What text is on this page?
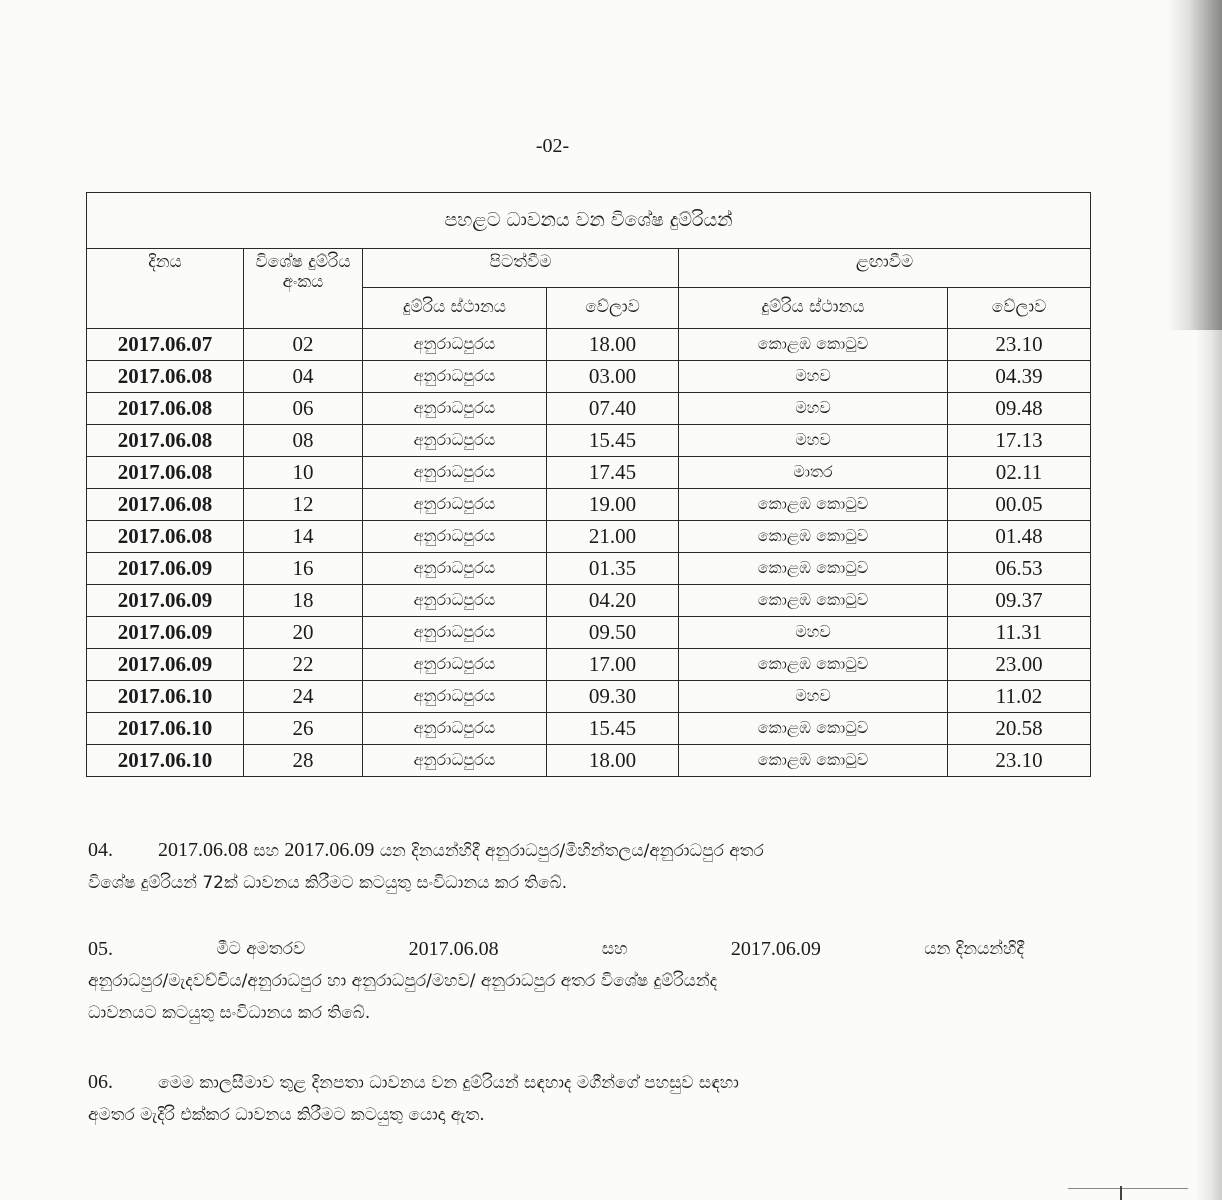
-02-
පහළට ධාවනය වන විශේෂ දුම්රියන්					
දිනය	විශේෂ දුම්රිය අංකය	පිටත්වීම		ළඟාවීම	
		දුම්රිය ස්ථානය	වේලාව	දුම්රිය ස්ථානය	වේලාව
2017.06.07	02	අනුරාධපුරය	18.00	කොළඹ කොටුව	23.10
2017.06.08	04	අනුරාධපුරය	03.00	මහව	04.39
2017.06.08	06	අනුරාධපුරය	07.40	මහව	09.48
2017.06.08	08	අනුරාධපුරය	15.45	මහව	17.13
2017.06.08	10	අනුරාධපුරය	17.45	මාතර	02.11
2017.06.08	12	අනුරාධපුරය	19.00	කොළඹ කොටුව	00.05
2017.06.08	14	අනුරාධපුරය	21.00	කොළඹ කොටුව	01.48
2017.06.09	16	අනුරාධපුරය	01.35	කොළඹ කොටුව	06.53
2017.06.09	18	අනුරාධපුරය	04.20	කොළඹ කොටුව	09.37
2017.06.09	20	අනුරාධපුරය	09.50	මහව	11.31
2017.06.09	22	අනුරාධපුරය	17.00	කොළඹ කොටුව	23.00
2017.06.10	24	අනුරාධපුරය	09.30	මහව	11.02
2017.06.10	26	අනුරාධපුරය	15.45	කොළඹ කොටුව	20.58
2017.06.10	28	අනුරාධපුරය	18.00	කොළඹ කොටුව	23.10
04. 2017.06.08 සහ 2017.06.09 යන දිනයන්හිදී අනුරාධපුර/මිහින්තලය/අනුරාධපුර අතර
විශේෂ දුම්රියන් 72ක් ධාවනය කිරීමට කටයුතු සංවිධානය කර තිබේ.
05.	මීට අමතරව	2017.06.08	සහ	2017.06.09	යන දිනයන්හිදී
අනුරාධපුර/මැදවච්චිය/අනුරාධපුර හා අනුරාධපුර/මහව/ අනුරාධපුර අතර විශේෂ දුම්රියන්ද
ධාවනයට කටයුතු සංවිධානය කර තිබේ.
06.	මෙම කාලසීමාව තුළ දිනපතා ධාවනය වන දුම්රියන් සඳහාද මගීන්ගේ පහසුව සඳහා
අමතර මැදිරි එක්කර ධාවනය කිරීමට කටයුතු යොදා ඇත.
